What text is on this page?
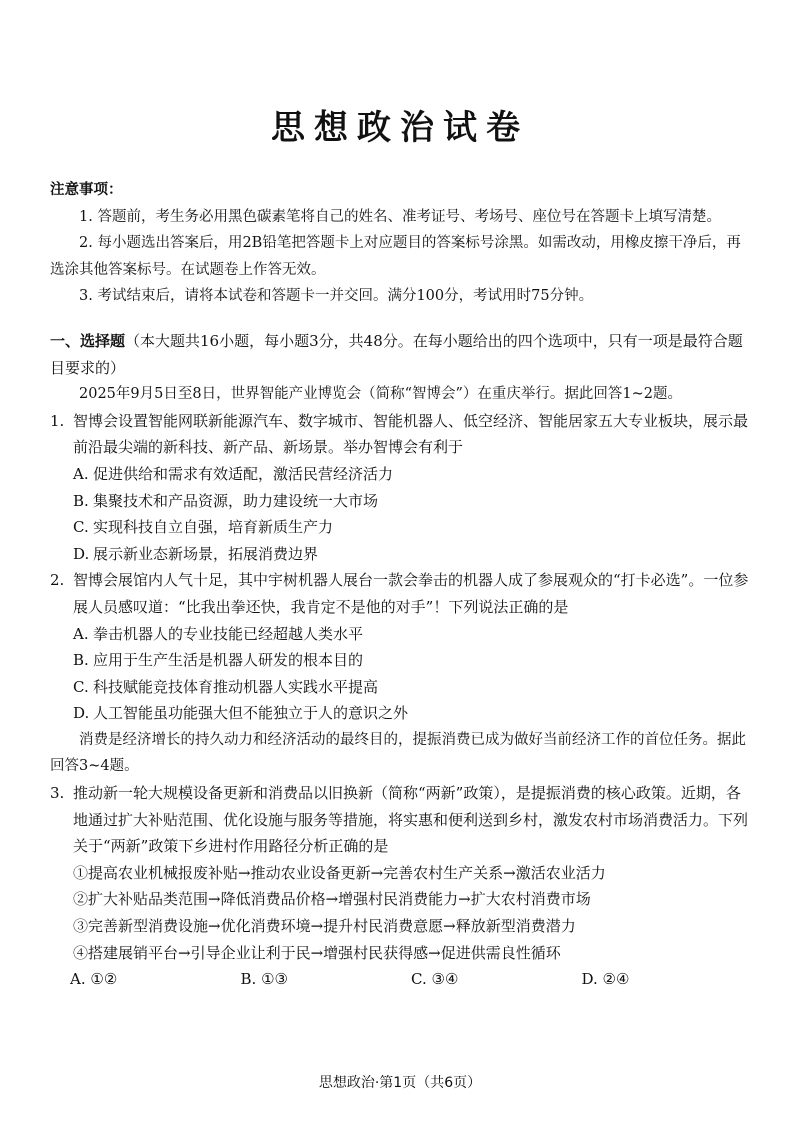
思想政治试卷
注意事项：

1. 答题前，考生务必用黑色碳素笔将自己的姓名、准考证号、考场号、座位号在答题卡上填写清楚。

2. 每小题选出答案后，用2B铅笔把答题卡上对应题目的答案标号涂黑。如需改动，用橡皮擦干净后，再选涂其他答案标号。在试题卷上作答无效。

3. 考试结束后，请将本试卷和答题卡一并交回。满分100分，考试用时75分钟。

一、选择题（本大题共16小题，每小题3分，共48分。在每小题给出的四个选项中，只有一项是最符合题目要求的）

2025年9月5日至8日，世界智能产业博览会（简称“智博会”）在重庆举行。据此回答1~2题。

1. 智博会设置智能网联新能源汽车、数字城市、智能机器人、低空经济、智能居家五大专业板块，展示最前沿最尖端的新科技、新产品、新场景。举办智博会有利于

A. 促进供给和需求有效适配，激活民营经济活力

B. 集聚技术和产品资源，助力建设统一大市场

C. 实现科技自立自强，培育新质生产力

D. 展示新业态新场景，拓展消费边界

2. 智博会展馆内人气十足，其中宇树机器人展台一款会拳击的机器人成了参展观众的“打卡必选”。一位参展人员感叹道：“比我出拳还快，我肯定不是他的对手”！下列说法正确的是

A. 拳击机器人的专业技能已经超越人类水平

B. 应用于生产生活是机器人研发的根本目的

C. 科技赋能竞技体育推动机器人实践水平提高

D. 人工智能虽功能强大但不能独立于人的意识之外

消费是经济增长的持久动力和经济活动的最终目的，提振消费已成为做好当前经济工作的首位任务。据此回答3~4题。

3. 推动新一轮大规模设备更新和消费品以旧换新（简称“两新”政策），是提振消费的核心政策。近期，各地通过扩大补贴范围、优化设施与服务等措施，将实惠和便利送到乡村，激发农村市场消费活力。下列关于“两新”政策下乡进村作用路径分析正确的是

①提高农业机械报废补贴→推动农业设备更新→完善农村生产关系→激活农业活力

②扩大补贴品类范围→降低消费品价格→增强村民消费能力→扩大农村消费市场

③完善新型消费设施→优化消费环境→提升村民消费意愿→释放新型消费潜力

④搭建展销平台→引导企业让利于民→增强村民获得感→促进供需良性循环

A. ①②	B. ①③	C. ③④	D. ②④
思想政治·第1页（共6页）
